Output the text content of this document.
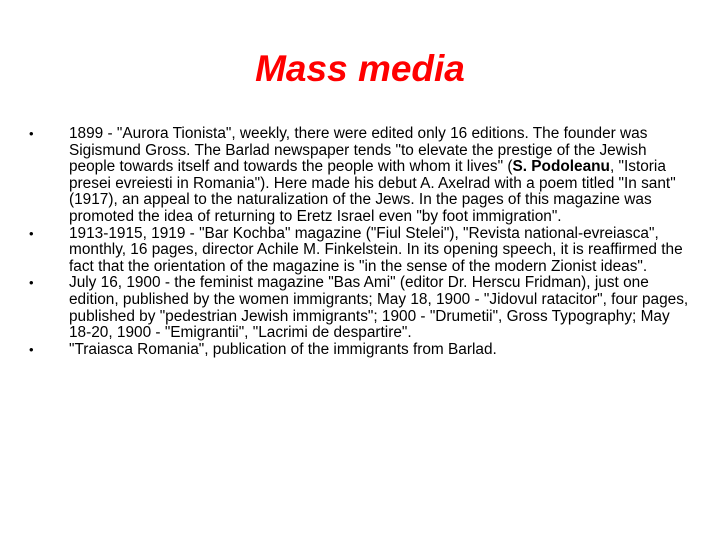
Mass media
•	1899 - "Aurora Tionista", weekly, there were edited only 16 editions. The founder was Sigismund Gross. The Barlad newspaper tends "to elevate the prestige of the Jewish people towards itself and towards the people with whom it lives" (S. Podoleanu, "Istoria presei evreiesti in Romania"). Here made his debut A. Axelrad with a poem titled "In sant" (1917), an appeal to the naturalization of the Jews. In the pages of this magazine was promoted the idea of returning to Eretz Israel even "by foot immigration".
•	1913-1915, 1919 - "Bar Kochba" magazine ("Fiul Stelei"), "Revista national-evreiasca", monthly, 16 pages, director Achile M. Finkelstein. In its opening speech, it is reaffirmed the fact that the orientation of the magazine is "in the sense of the modern Zionist ideas".
•	July 16, 1900 - the feminist magazine "Bas Ami" (editor Dr. Herscu Fridman), just one edition, published by the women immigrants; May 18, 1900 - "Jidovul ratacitor", four pages, published by "pedestrian Jewish immigrants"; 1900 - "Drumetii", Gross Typography; May 18-20, 1900 - "Emigrantii", "Lacrimi de despartire".
•	"Traiasca Romania", publication of the immigrants from Barlad.
